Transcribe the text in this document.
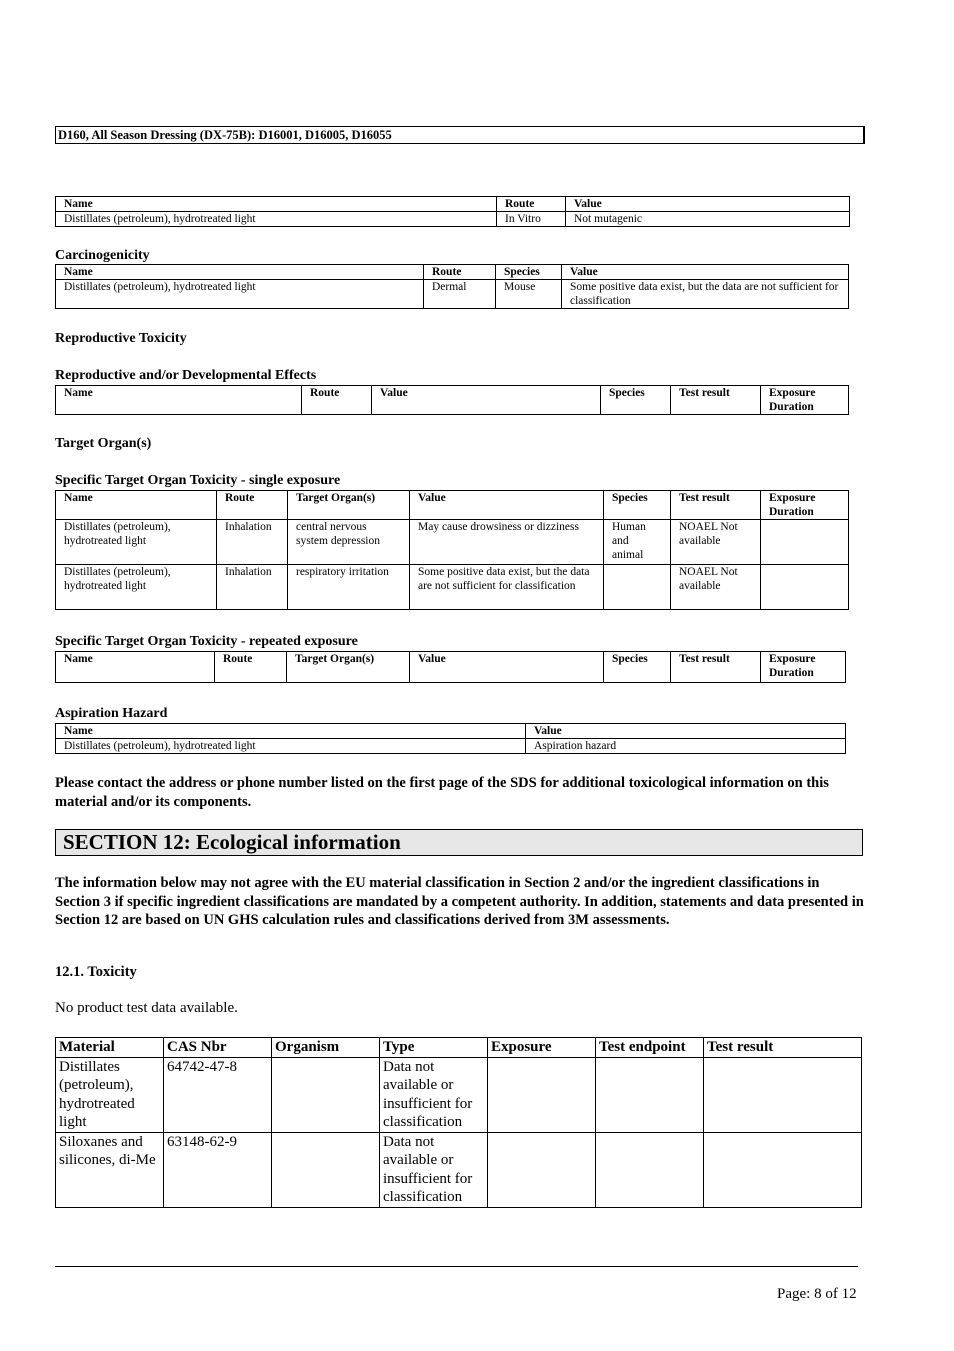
D160, All Season Dressing (DX-75B): D16001, D16005, D16055
Name	Route	Value
Distillates (petroleum), hydrotreated light	In Vitro	Not mutagenic
Carcinogenicity
Name	Route	Species	Value
Distillates (petroleum), hydrotreated light	Dermal	Mouse	Some positive data exist, but the data are not sufficient for classification
Reproductive Toxicity
Reproductive and/or Developmental Effects
Name	Route	Value	Species	Test result	Exposure Duration
Target Organ(s)
Specific Target Organ Toxicity - single exposure
Name	Route	Target Organ(s)	Value	Species	Test result	Exposure Duration
Distillates (petroleum), hydrotreated light	Inhalation	central nervous system depression	May cause drowsiness or dizziness	Human and animal	NOAEL Not available	
Distillates (petroleum), hydrotreated light	Inhalation	respiratory irritation	Some positive data exist, but the data are not sufficient for classification		NOAEL Not available	
Specific Target Organ Toxicity - repeated exposure
Name	Route	Target Organ(s)	Value	Species	Test result	Exposure Duration
Aspiration Hazard
Name	Value
Distillates (petroleum), hydrotreated light	Aspiration hazard
Please contact the address or phone number listed on the first page of the SDS for additional toxicological information on this material and/or its components.
SECTION 12: Ecological information
The information below may not agree with the EU material classification in Section 2 and/or the ingredient classifications in Section 3 if specific ingredient classifications are mandated by a competent authority. In addition, statements and data presented in Section 12 are based on UN GHS calculation rules and classifications derived from 3M assessments.
12.1. Toxicity
No product test data available.
Material	CAS Nbr	Organism	Type	Exposure	Test endpoint	Test result
Distillates (petroleum), hydrotreated light	64742-47-8		Data not available or insufficient for classification			
Siloxanes and silicones, di-Me	63148-62-9		Data not available or insufficient for classification			
Page: 8 of 12
